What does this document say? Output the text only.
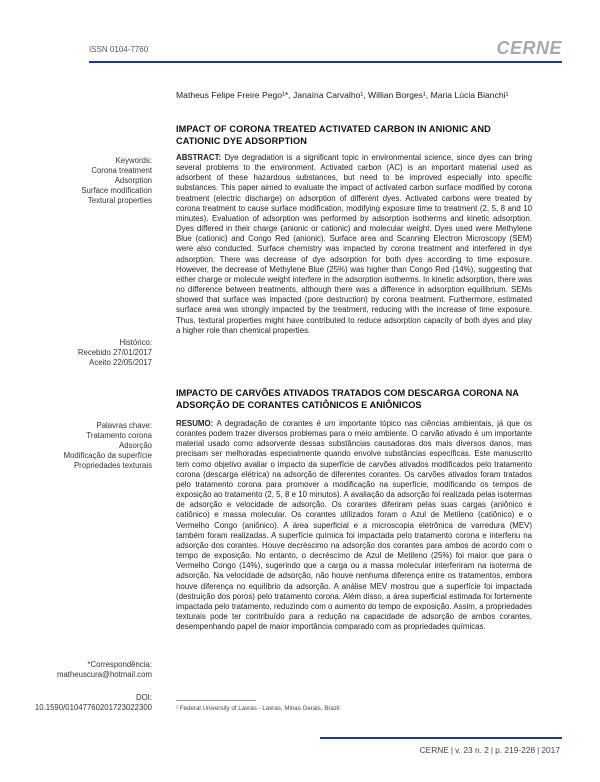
ISSN 0104-7760	CERNE
Matheus Felipe Freire Pego¹*, Janaína Carvalho¹, Willian Borges¹, Maria Lúcia Bianchi¹
IMPACT OF CORONA TREATED ACTIVATED CARBON IN ANIONIC AND CATIONIC DYE ADSORPTION
ABSTRACT: Dye degradation is a significant topic in environmental science, since dyes can bring several problems to the environment. Activated carbon (AC) is an important material used as adsorbent of these hazardous substances, but need to be improved especially into specific substances. This paper aimed to evaluate the impact of activated carbon surface modified by corona treatment (electric discharge) on adsorption of different dyes. Activated carbons were treated by corona treatment to cause surface modification, modifying exposure time to treatment (2, 5, 8 and 10 minutes). Evaluation of adsorption was performed by adsorption isotherms and kinetic adsorption. Dyes differed in their charge (anionic or cationic) and molecular weight. Dyes used were Methylene Blue (cationic) and Congo Red (anionic). Surface area and Scanning Electron Microscopy (SEM) were also conducted. Surface chemistry was impacted by corona treatment and interfered in dye adsorption. There was decrease of dye adsorption for both dyes according to time exposure. However, the decrease of Methylene Blue (25%) was higher than Congo Red (14%), suggesting that either charge or molecule weight interfere in the adsorption isotherms. In kinetic adsorption, there was no difference between treatments, although there was a difference in adsorption equilibrium. SEMs showed that surface was impacted (pore destruction) by corona treatment. Furthermore, estimated surface area was strongly impacted by the treatment, reducing with the increase of time exposure. Thus, textural properties might have contributed to reduce adsorption capacity of both dyes and play a higher role than chemical properties.
Keywords:
Corona treatment
Adsorption
Surface modification
Textural properties
Histórico:
Recebido 27/01/2017
Aceito 22/05/2017
IMPACTO DE CARVÕES ATIVADOS TRATADOS COM DESCARGA CORONA NA ADSORÇÃO DE CORANTES CATIÔNICOS E ANIÔNICOS
RESUMO: A degradação de corantes é um importante tópico nas ciências ambientais, já que os corantes podem trazer diversos problemas para o meio ambiente. O carvão ativado é um importante material usado como adsorvente dessas substâncias causadoras dos mais diversos danos, mas precisam ser melhoradas especialmente quando envolve substâncias específicas. Este manuscrito tem como objetivo avaliar o impacto da superfície de carvões ativados modificados pelo tratamento corona (descarga elétrica) na adsorção de diferentes corantes. Os carvões ativados foram tratados pelo tratamento corona para promover a modificação na superfície, modificando os tempos de exposição ao tratamento (2, 5, 8 e 10 minutos). A avaliação da adsorção foi realizada pelas isotermas de adsorção e velocidade de adsorção. Os corantes diferiram pelas suas cargas (aniônico e catiônico) e massa molecular. Os corantes utilizados foram o Azul de Metileno (catiônico) e o Vermelho Congo (aniônico). A área superficial e a microscopia eletrônica de varredura (MEV) também foram realizadas. A superfície química foi impactada pelo tratamento corona e interferiu na adsorção dos corantes. Houve decréscimo na adsorção dos corantes para ambos de acordo com o tempo de exposição. No entanto, o decréscimo de Azul de Metileno (25%) foi maior que para o Vermelho Congo (14%), sugerindo que a carga ou a massa molecular interferiram na isoterma de adsorção. Na velocidade de adsorção, não houve nenhuma diferença entre os tratamentos, embora houve diferença no equilíbrio da adsorção. A análise MEV mostrou que a superfície foi impactada (destruição dos poros) pelo tratamento corona. Além disso, a área superficial estimada foi fortemente impactada pelo tratamento, reduzindo com o aumento do tempo de exposição. Assim, a propriedades texturais pode ter contribuído para a redução na capacidade de adsorção de ambos corantes, desempenhando papel de maior importância comparado com as propriedades químicas.
Palavras chave:
Tratamento corona
Adsorção
Modificação da superfície
Propriedades texturais
*Correspondência:
matheuscura@hotmail.com
DOI:
10.1590/01047760201723022300	¹ Federal University of Lavras - Lavras, Minas Gerais, Brazil
CERNE | v. 23 n. 2 | p. 219-228 | 2017
